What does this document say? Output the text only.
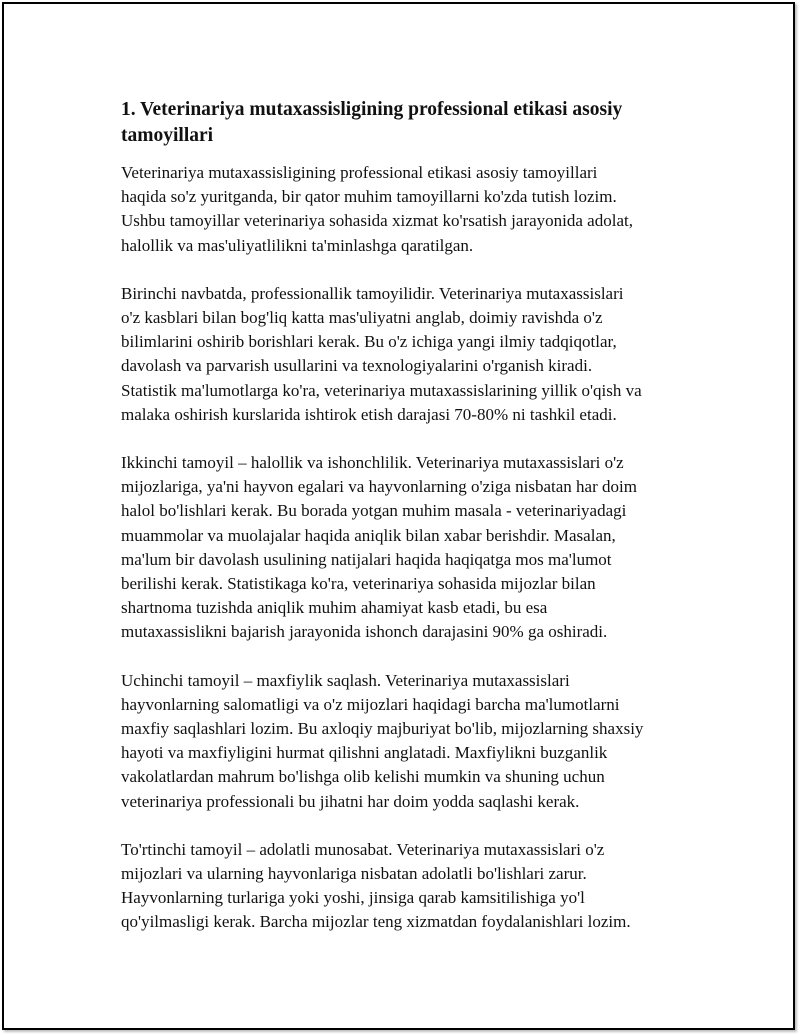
1. Veterinariya mutaxassisligining professional etikasi asosiy
tamoyillari

Veterinariya mutaxassisligining professional etikasi asosiy tamoyillari
haqida so'z yuritganda, bir qator muhim tamoyillarni ko'zda tutish lozim.
Ushbu tamoyillar veterinariya sohasida xizmat ko'rsatish jarayonida adolat,
halollik va mas'uliyatlilikni ta'minlashga qaratilgan.

Birinchi navbatda, professionallik tamoyilidir. Veterinariya mutaxassislari
o'z kasblari bilan bog'liq katta mas'uliyatni anglab, doimiy ravishda o'z
bilimlarini oshirib borishlari kerak. Bu o'z ichiga yangi ilmiy tadqiqotlar,
davolash va parvarish usullarini va texnologiyalarini o'rganish kiradi.
Statistik ma'lumotlarga ko'ra, veterinariya mutaxassislarining yillik o'qish va
malaka oshirish kurslarida ishtirok etish darajasi 70-80% ni tashkil etadi.

Ikkinchi tamoyil – halollik va ishonchlilik. Veterinariya mutaxassislari o'z
mijozlariga, ya'ni hayvon egalari va hayvonlarning o'ziga nisbatan har doim
halol bo'lishlari kerak. Bu borada yotgan muhim masala - veterinariyadagi
muammolar va muolajalar haqida aniqlik bilan xabar berishdir. Masalan,
ma'lum bir davolash usulining natijalari haqida haqiqatga mos ma'lumot
berilishi kerak. Statistikaga ko'ra, veterinariya sohasida mijozlar bilan
shartnoma tuzishda aniqlik muhim ahamiyat kasb etadi, bu esa
mutaxassislikni bajarish jarayonida ishonch darajasini 90% ga oshiradi.

Uchinchi tamoyil – maxfiylik saqlash. Veterinariya mutaxassislari
hayvonlarning salomatligi va o'z mijozlari haqidagi barcha ma'lumotlarni
maxfiy saqlashlari lozim. Bu axloqiy majburiyat bo'lib, mijozlarning shaxsiy
hayoti va maxfiyligini hurmat qilishni anglatadi. Maxfiylikni buzganlik
vakolatlardan mahrum bo'lishga olib kelishi mumkin va shuning uchun
veterinariya professionali bu jihatni har doim yodda saqlashi kerak.

To'rtinchi tamoyil – adolatli munosabat. Veterinariya mutaxassislari o'z
mijozlari va ularning hayvonlariga nisbatan adolatli bo'lishlari zarur.
Hayvonlarning turlariga yoki yoshi, jinsiga qarab kamsitilishiga yo'l
qo'yilmasligi kerak. Barcha mijozlar teng xizmatdan foydalanishlari lozim.
